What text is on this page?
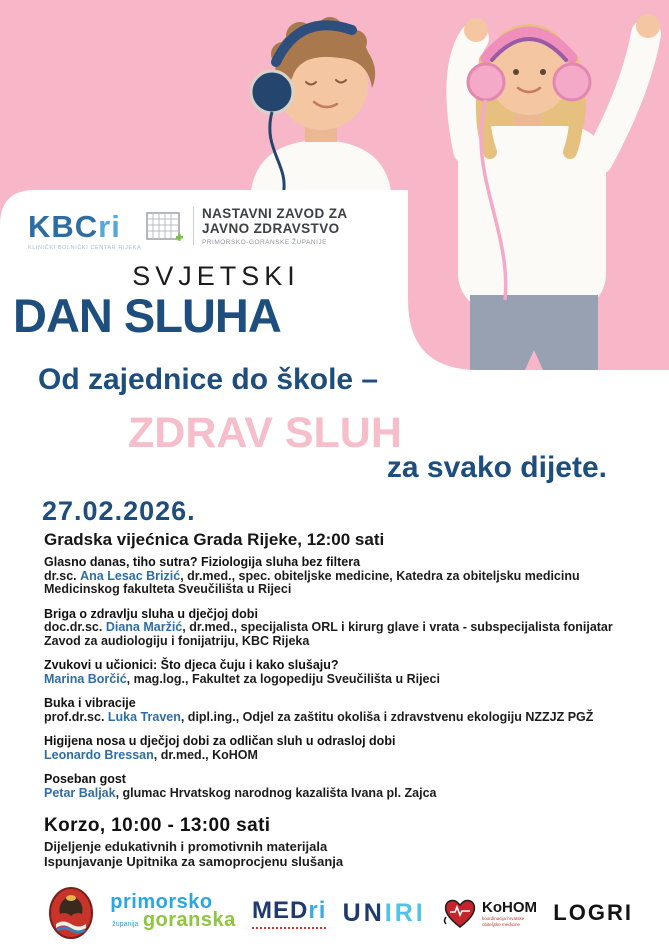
KBCri
KLINIČKI BOLNIČKI CENTAR RIJEKA
NASTAVNI ZAVOD ZA
JAVNO ZDRAVSTVO
PRIMORSKO-GORANSKE ŽUPANIJE
SVJETSKI
DAN SLUHA
Od zajednice do škole –
ZDRAV SLUH
za svako dijete.
27.02.2026.
Gradska vijećnica Grada Rijeke, 12:00 sati
Glasno danas, tiho sutra? Fiziologija sluha bez filtera
dr.sc. Ana Lesac Brizić, dr.med., spec. obiteljske medicine, Katedra za obiteljsku medicinu
Medicinskog fakulteta Sveučilišta u Rijeci
Briga o zdravlju sluha u dječjoj dobi
doc.dr.sc. Diana Maržić, dr.med., specijalista ORL i kirurg glave i vrata - subspecijalista fonijatar
Zavod za audiologiju i fonijatriju, KBC Rijeka
Zvukovi u učionici: Što djeca čuju i kako slušaju?
Marina Borčić, mag.log., Fakultet za logopediju Sveučilišta u Rijeci
Buka i vibracije
prof.dr.sc. Luka Traven, dipl.ing., Odjel za zaštitu okoliša i zdravstvenu ekologiju NZZJZ PGŽ
Higijena nosa u dječjoj dobi za odličan sluh u odrasloj dobi
Leonardo Bressan, dr.med., KoHOM
Poseban gost
Petar Baljak, glumac Hrvatskog narodnog kazališta Ivana pl. Zajca
Korzo, 10:00 - 13:00 sati
Dijeljenje edukativnih i promotivnih materijala
Ispunjavanje Upitnika za samoprocjenu slušanja
primorsko
županija goranska MEDri UNIRI	KoHOM
koordinacija hrvatske
obiteljske medicine	LOGRI
